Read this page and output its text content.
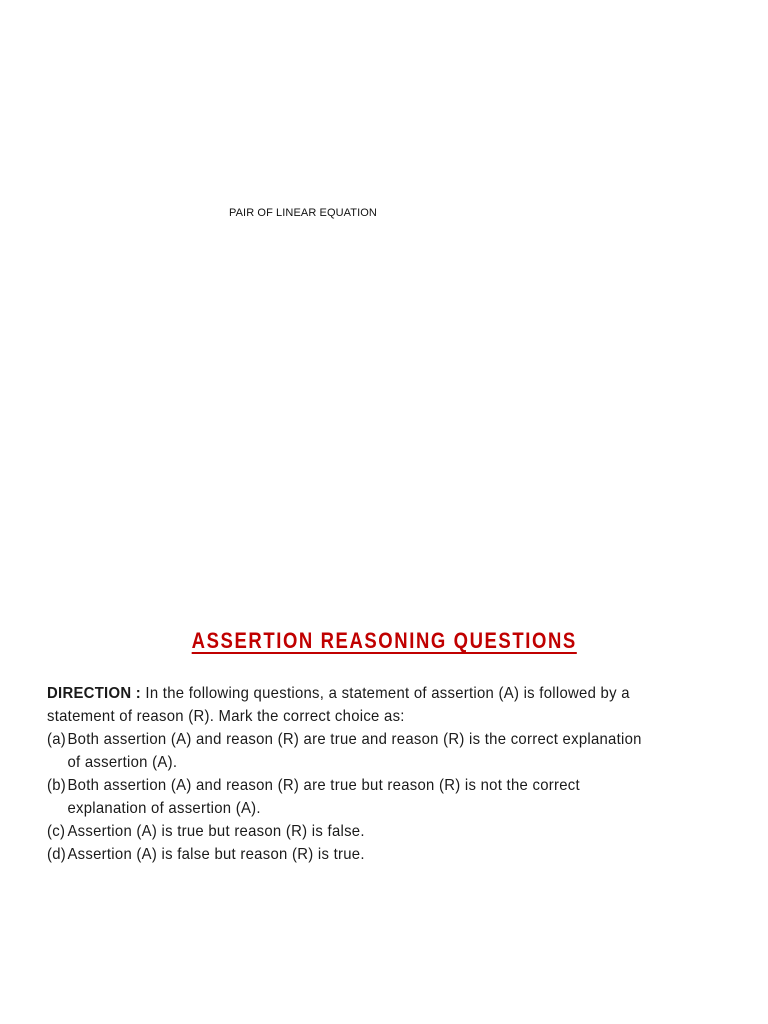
PAIR OF LINEAR EQUATION
ASSERTION REASONING QUESTIONS
DIRECTION : In the following questions, a statement of assertion (A) is followed by a
statement of reason (R). Mark the correct choice as:
(a) Both assertion (A) and reason (R) are true and reason (R) is the correct explanation
of assertion (A).
(b) Both assertion (A) and reason (R) are true but reason (R) is not the correct
explanation of assertion (A).
(c) Assertion (A) is true but reason (R) is false.
(d) Assertion (A) is false but reason (R) is true.
